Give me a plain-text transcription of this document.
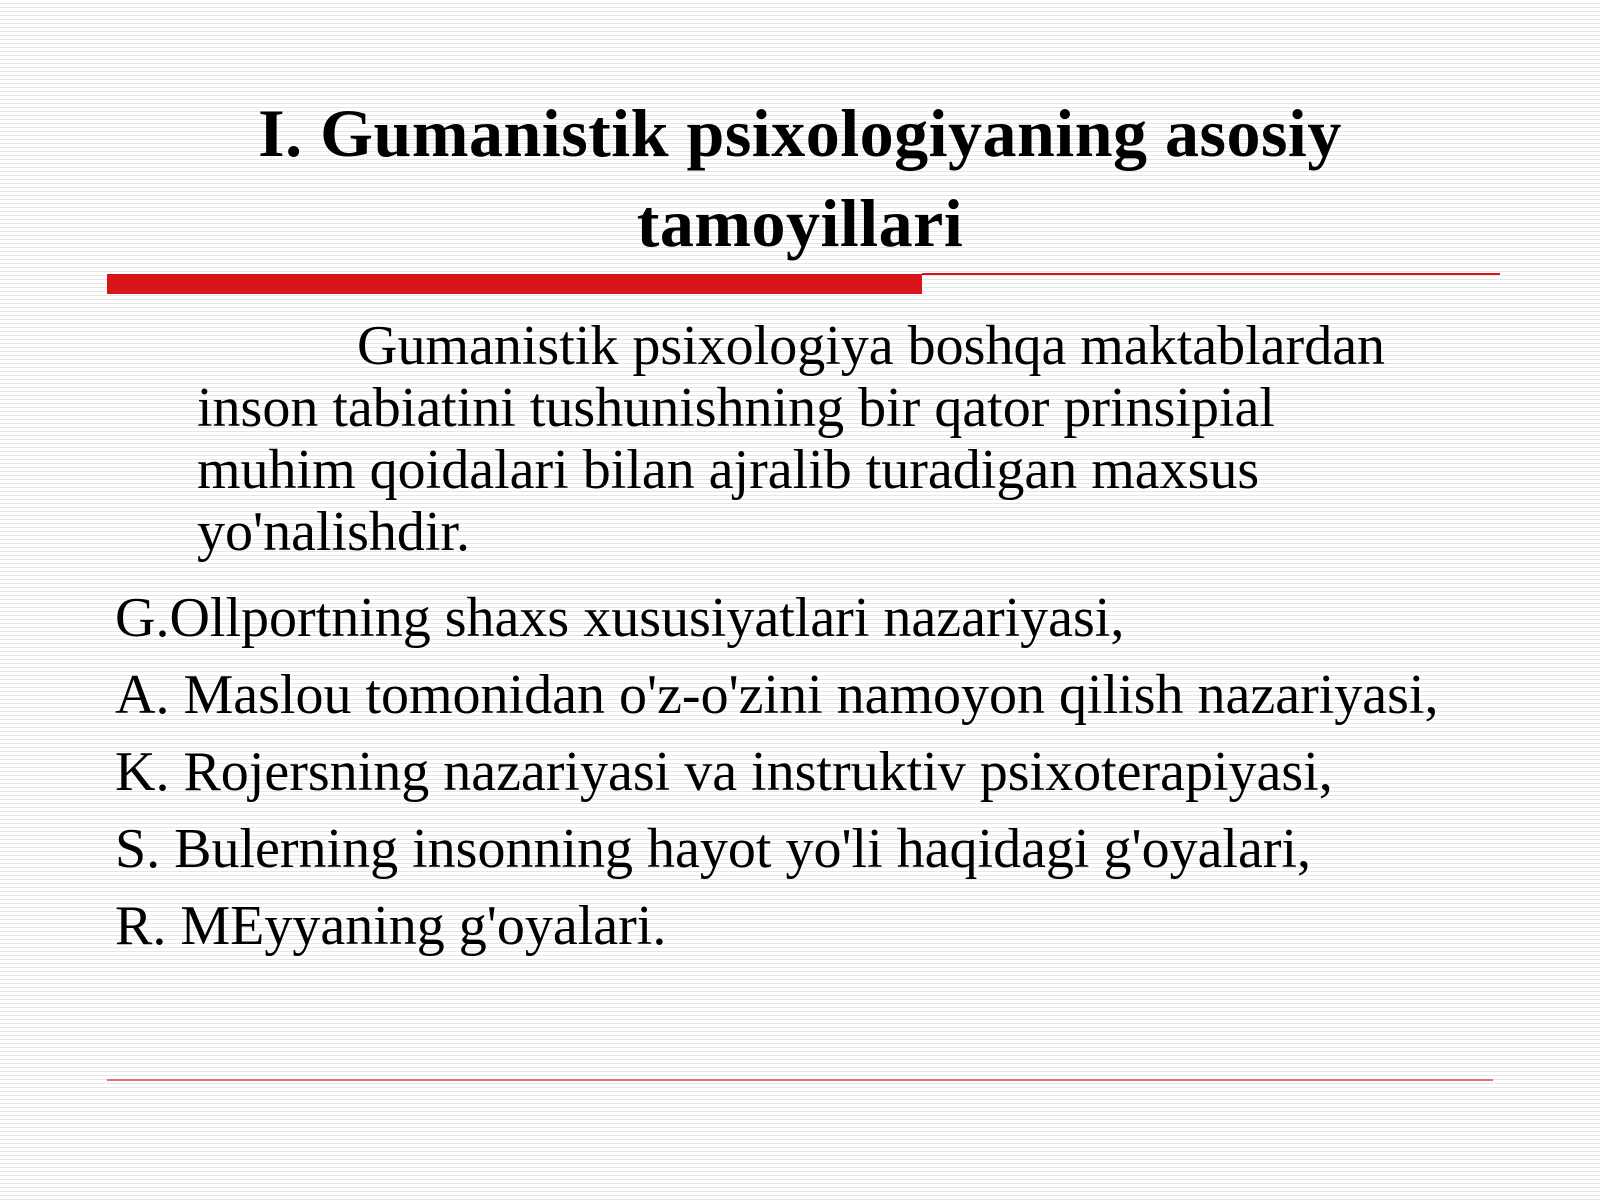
I. Gumanistik psixologiyaning asosiy tamoyillari

Gumanistik psixologiya boshqa maktablardan inson tabiatini tushunishning bir qator prinsipial muhim qoidalari bilan ajralib turadigan maxsus yo'nalishdir.

G.Ollportning shaxs xususiyatlari nazariyasi,
A. Maslou tomonidan o'z-o'zini namoyon qilish nazariyasi,
K. Rojersning nazariyasi va instruktiv psixoterapiyasi,
S. Bulerning insonning hayot yo'li haqidagi g'oyalari,
R. MEyyaning g'oyalari.
